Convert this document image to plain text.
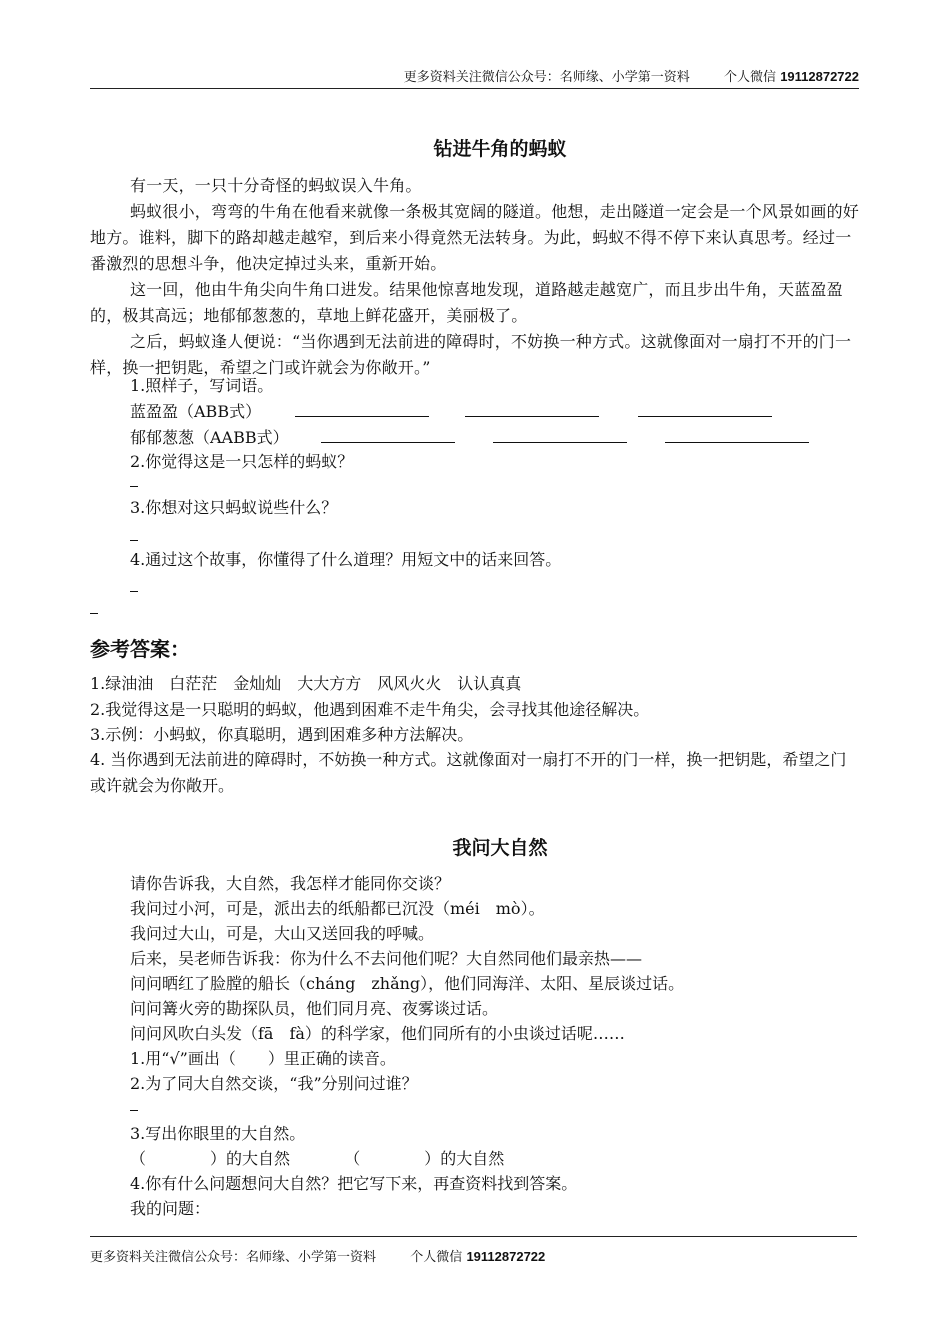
更多资料关注微信公众号：名师缘、小学第一资料	个人微信 19112872722
钻进牛角的蚂蚁
有一天，一只十分奇怪的蚂蚁误入牛角。
蚂蚁很小，弯弯的牛角在他看来就像一条极其宽阔的隧道。他想，走出隧道一定会是一个风景如画的好地方。谁料，脚下的路却越走越窄，到后来小得竟然无法转身。为此，蚂蚁不得不停下来认真思考。经过一番激烈的思想斗争，他决定掉过头来，重新开始。
这一回，他由牛角尖向牛角口进发。结果他惊喜地发现，道路越走越宽广，而且步出牛角，天蓝盈盈的，极其高远；地郁郁葱葱的，草地上鲜花盛开，美丽极了。
之后，蚂蚁逢人便说：“当你遇到无法前进的障碍时，不妨换一种方式。这就像面对一扇打不开的门一样，换一把钥匙，希望之门或许就会为你敞开。”
1.照样子，写词语。
蓝盈盈（ABB式）
郁郁葱葱（AABB式）
2.你觉得这是一只怎样的蚂蚁？
3.你想对这只蚂蚁说些什么？
4.通过这个故事，你懂得了什么道理？用短文中的话来回答。
参考答案：
1.绿油油　白茫茫　金灿灿　大大方方　风风火火　认认真真
2.我觉得这是一只聪明的蚂蚁，他遇到困难不走牛角尖，会寻找其他途径解决。
3.示例：小蚂蚁，你真聪明，遇到困难多种方法解决。
4. 当你遇到无法前进的障碍时，不妨换一种方式。这就像面对一扇打不开的门一样，换一把钥匙，希望之门或许就会为你敞开。
我问大自然
请你告诉我，大自然，我怎样才能同你交谈？
我问过小河，可是，派出去的纸船都已沉没（méi　mò）。
我问过大山，可是，大山又送回我的呼喊。
后来，吴老师告诉我：你为什么不去问他们呢？大自然同他们最亲热——
问问晒红了脸膛的船长（cháng　zhǎng），他们同海洋、太阳、星辰谈过话。
问问篝火旁的勘探队员，他们同月亮、夜雾谈过话。
问问风吹白头发（fā　fà）的科学家，他们同所有的小虫谈过话呢……
1.用“√”画出（　　）里正确的读音。
2.为了同大自然交谈，“我”分别问过谁？
3.写出你眼里的大自然。
（　　　　）的大自然	（　　　　）的大自然
4.你有什么问题想问大自然？把它写下来，再查资料找到答案。
我的问题：
更多资料关注微信公众号：名师缘、小学第一资料	个人微信 19112872722
